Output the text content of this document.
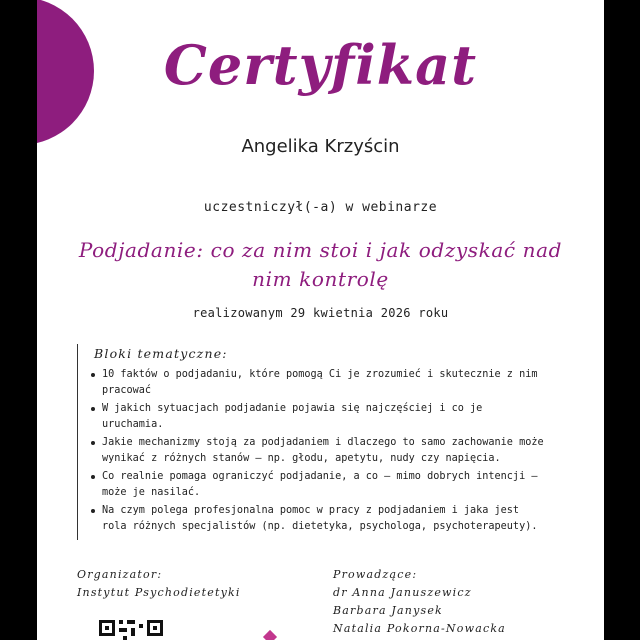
Certyfikat
Angelika Krzyścin
uczestniczył(-a) w webinarze
Podjadanie: co za nim stoi i jak odzyskać nad nim kontrolę
realizowanym 29 kwietnia 2026 roku
Bloki tematyczne:
10 faktów o podjadaniu, które pomogą Ci je zrozumieć i skutecznie z nim pracować
W jakich sytuacjach podjadanie pojawia się najczęściej i co je uruchamia.
Jakie mechanizmy stoją za podjadaniem i dlaczego to samo zachowanie może wynikać z różnych stanów — np. głodu, apetytu, nudy czy napięcia.
Co realnie pomaga ograniczyć podjadanie, a co — mimo dobrych intencji — może je nasilać.
Na czym polega profesjonalna pomoc w pracy z podjadaniem i jaka jest rola różnych specjalistów (np. dietetyka, psychologa, psychoterapeuty).
Organizator:
Instytut Psychodietetyki
Prowadzące:
dr Anna Januszewicz
Barbara Janysek
Natalia Pokorna-Nowacka
